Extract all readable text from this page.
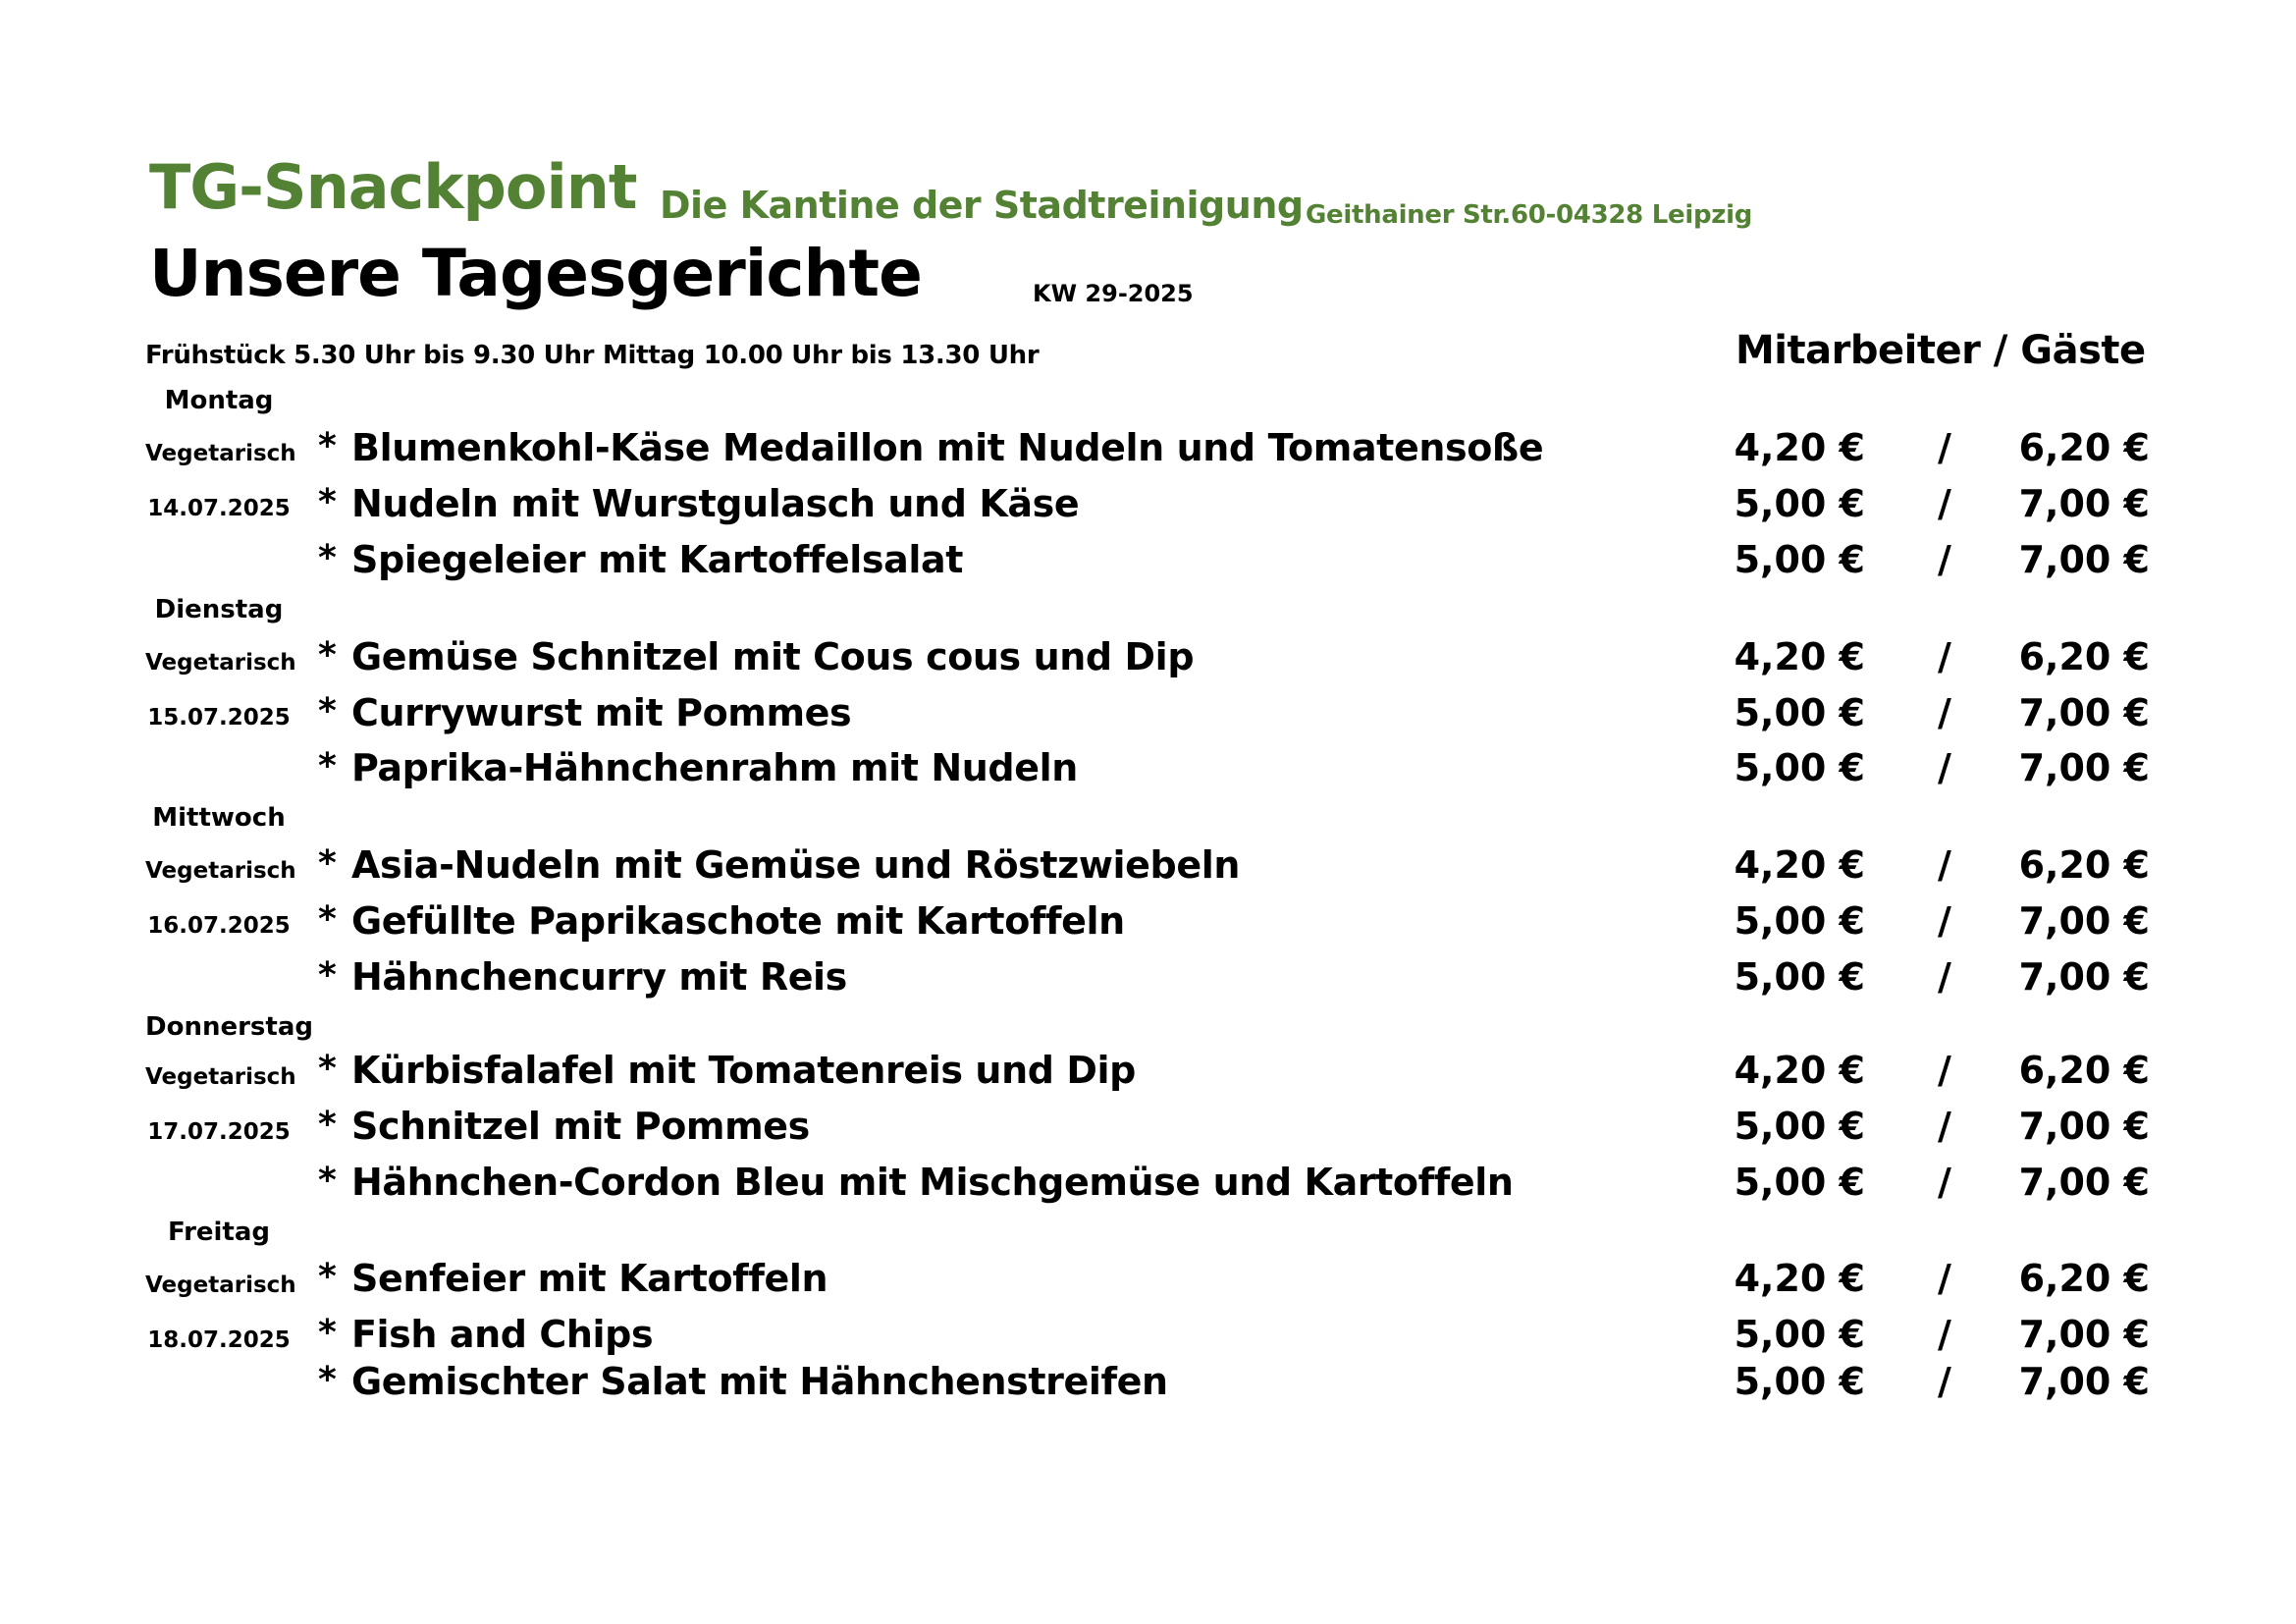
TG-Snackpoint Die Kantine der Stadtreinigung Geithainer Str.60-04328 Leipzig
Unsere Tagesgerichte	KW 29-2025
Frühstück 5.30 Uhr bis 9.30 Uhr Mittag 10.00 Uhr bis 13.30 Uhr	Mitarbeiter / Gäste
Montag
Vegetarisch
14.07.2025
* Blumenkohl-Käse Medaillon mit Nudeln und Tomatensoße	4,20 € /	6,20 €
* Nudeln mit Wurstgulasch und Käse	5,00 € /	7,00 €
* Spiegeleier mit Kartoffelsalat	5,00 € /	7,00 €
Dienstag
Vegetarisch
15.07.2025
* Gemüse Schnitzel mit Cous cous und Dip	4,20 € /	6,20 €
* Currywurst mit Pommes	5,00 € /	7,00 €
* Paprika-Hähnchenrahm mit Nudeln	5,00 € /	7,00 €
Mittwoch
Vegetarisch
16.07.2025
* Asia-Nudeln mit Gemüse und Röstzwiebeln	4,20 € /	6,20 €
* Gefüllte Paprikaschote mit Kartoffeln	5,00 € /	7,00 €
* Hähnchencurry mit Reis	5,00 € /	7,00 €
Donnerstag
Vegetarisch
17.07.2025
* Kürbisfalafel mit Tomatenreis und Dip	4,20 € /	6,20 €
* Schnitzel mit Pommes	5,00 € /	7,00 €
* Hähnchen-Cordon Bleu mit Mischgemüse und Kartoffeln	5,00 € /	7,00 €
Freitag
Vegetarisch
18.07.2025
* Senfeier mit Kartoffeln	4,20 € /	6,20 €
* Fish and Chips	5,00 € /	7,00 €
* Gemischter Salat mit Hähnchenstreifen	5,00 € /	7,00 €
